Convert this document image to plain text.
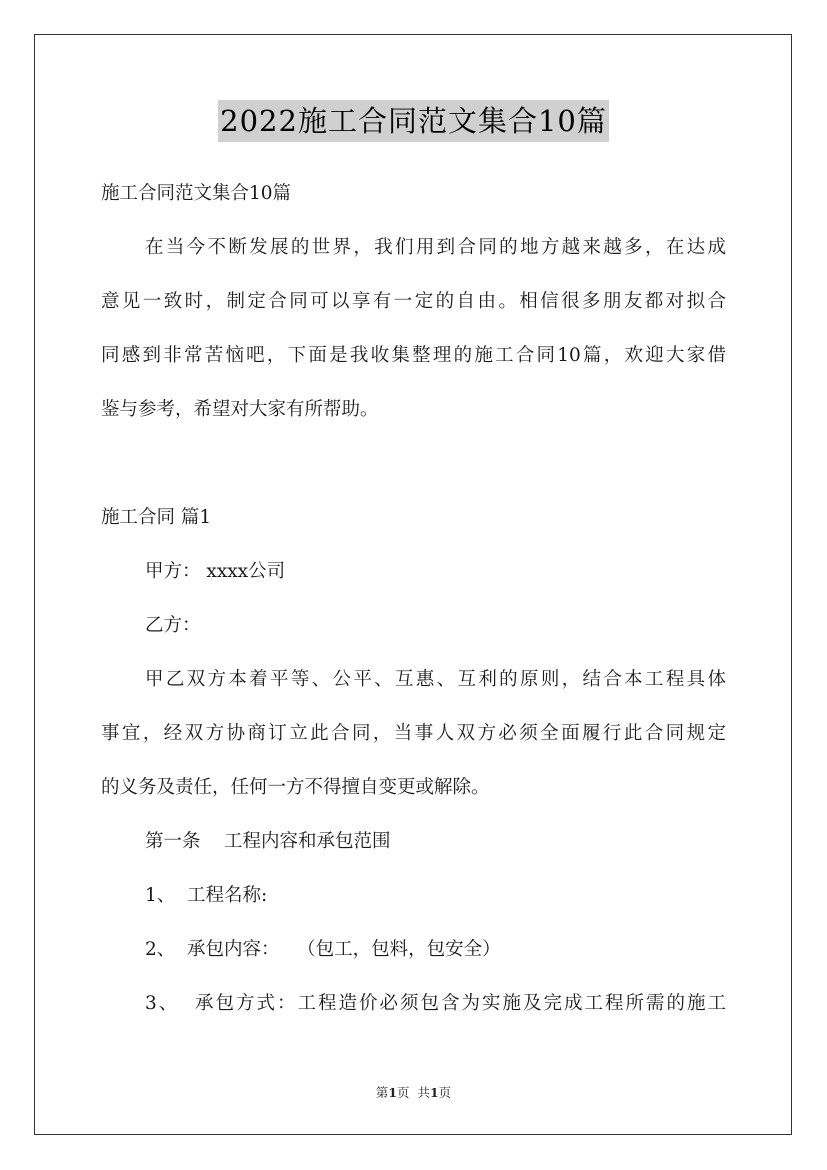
2022施工合同范文集合10篇
施工合同范文集合10篇
在当今不断发展的世界，我们用到合同的地方越来越多，在达成
意见一致时，制定合同可以享有一定的自由。相信很多朋友都对拟合
同感到非常苦恼吧，下面是我收集整理的施工合同10篇，欢迎大家借
鉴与参考，希望对大家有所帮助。
施工合同 篇1
甲方： xxxx公司
乙方：
甲乙双方本着平等、公平、互惠、互利的原则，结合本工程具体
事宜，经双方协商订立此合同，当事人双方必须全面履行此合同规定
的义务及责任，任何一方不得擅自变更或解除。
第一条    工程内容和承包范围
1、  工程名称:
2、  承包内容：   （包工，包料，包安全）
3、  承包方式：工程造价必须包含为实施及完成工程所需的施工
第1页  共1页
